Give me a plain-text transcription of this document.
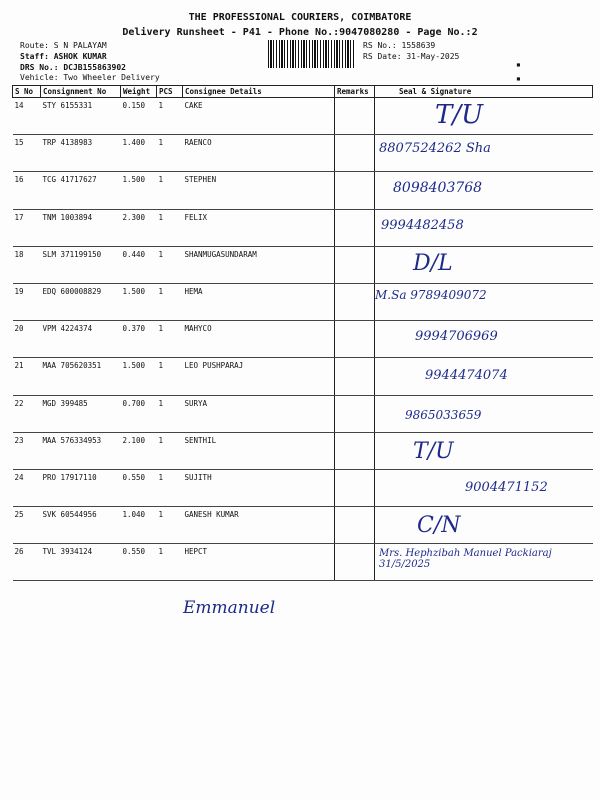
THE PROFESSIONAL COURIERS, COIMBATORE
Delivery Runsheet - P41 - Phone No.:9047080280 - Page No.:2
Route: S N PALAYAM
Staff: ASHOK KUMAR
DRS No.: DCJB155863902
Vehicle: Two Wheeler Delivery
RS No.: 1558639
RS Date: 31-May-2025
▪
▪
S No	Consignment No	Weight	PCS	Consignee Details	Remarks	Seal & Signature
14	STY 6155331	0.150	1	CAKE		T/U

15	TRP 4138983	1.400	1	RAENCO		8807524262 Sha

16	TCG 41717627	1.500	1	STEPHEN		8098403768

17	TNM 1003894	2.300	1	FELIX		9994482458

18	SLM 371199150	0.440	1	SHANMUGASUNDARAM		D/L

19	EDQ 600008829	1.500	1	HEMA		M.Sa 9789409072

20	VPM 4224374	0.370	1	MAHYCO		9994706969

21	MAA 705620351	1.500	1	LEO PUSHPARAJ		9944474074

22	MGD 399485	0.700	1	SURYA		9865033659

23	MAA 576334953	2.100	1	SENTHIL		T/U

24	PRO 17917110	0.550	1	SUJITH		9004471152

25	SVK 60544956	1.040	1	GANESH KUMAR		C/N

26	TVL 3934124	0.550	1	HEPCT		Mrs. Hephzibah Manuel Packiaraj 31/5/2025
Emmanuel
